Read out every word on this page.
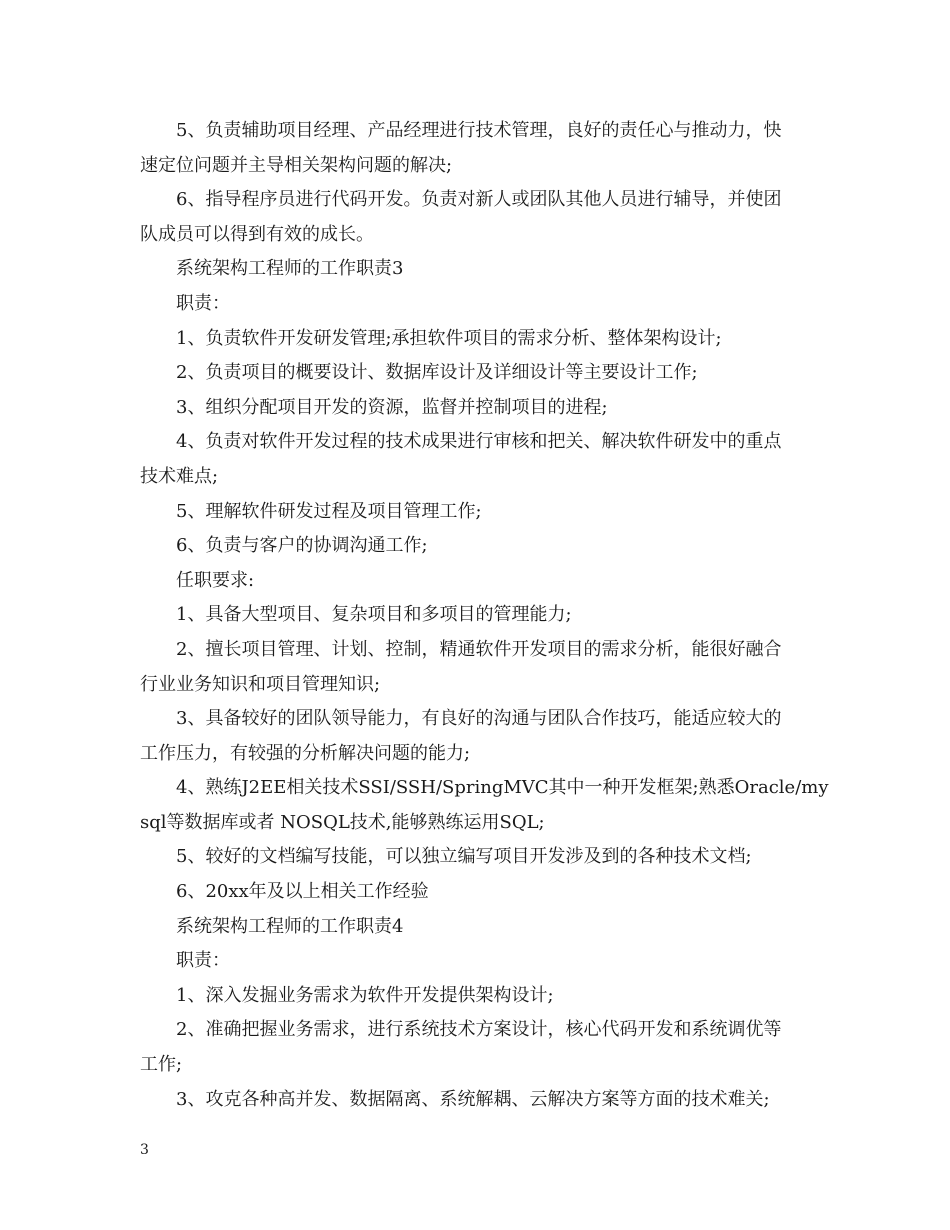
5、负责辅助项目经理、产品经理进行技术管理，良好的责任心与推动力，快
速定位问题并主导相关架构问题的解决;
6、指导程序员进行代码开发。负责对新人或团队其他人员进行辅导，并使团
队成员可以得到有效的成长。
系统架构工程师的工作职责3
职责：
1、负责软件开发研发管理;承担软件项目的需求分析、整体架构设计;
2、负责项目的概要设计、数据库设计及详细设计等主要设计工作;
3、组织分配项目开发的资源，监督并控制项目的进程;
4、负责对软件开发过程的技术成果进行审核和把关、解决软件研发中的重点
技术难点;
5、理解软件研发过程及项目管理工作;
6、负责与客户的协调沟通工作;
任职要求:
1、具备大型项目、复杂项目和多项目的管理能力;
2、擅长项目管理、计划、控制，精通软件开发项目的需求分析，能很好融合
行业业务知识和项目管理知识;
3、具备较好的团队领导能力，有良好的沟通与团队合作技巧，能适应较大的
工作压力，有较强的分析解决问题的能力;
4、熟练J2EE相关技术SSI/SSH/SpringMVC其中一种开发框架;熟悉Oracle/my
sql等数据库或者 NOSQL技术,能够熟练运用SQL;
5、较好的文档编写技能，可以独立编写项目开发涉及到的各种技术文档;
6、20xx年及以上相关工作经验
系统架构工程师的工作职责4
职责：
1、深入发掘业务需求为软件开发提供架构设计;
2、准确把握业务需求，进行系统技术方案设计，核心代码开发和系统调优等
工作;
3、攻克各种高并发、数据隔离、系统解耦、云解决方案等方面的技术难关;
3
